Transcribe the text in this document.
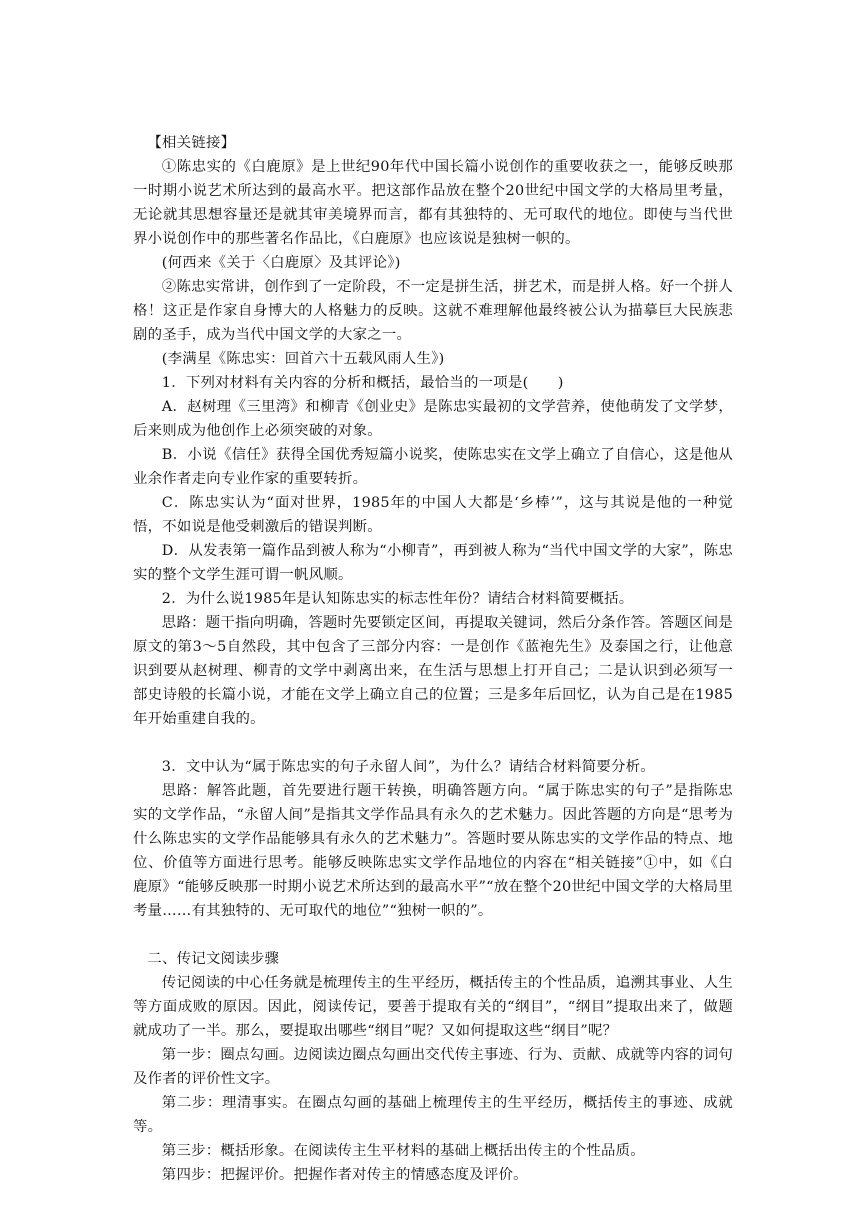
【相关链接】

①陈忠实的《白鹿原》是上世纪90年代中国长篇小说创作的重要收获之一，能够反映那一时期小说艺术所达到的最高水平。把这部作品放在整个20世纪中国文学的大格局里考量，无论就其思想容量还是就其审美境界而言，都有其独特的、无可取代的地位。即使与当代世界小说创作中的那些著名作品比，《白鹿原》也应该说是独树一帜的。

(何西来《关于〈白鹿原〉及其评论》)

②陈忠实常讲，创作到了一定阶段，不一定是拼生活，拼艺术，而是拼人格。好一个拼人格！这正是作家自身博大的人格魅力的反映。这就不难理解他最终被公认为描摹巨大民族悲剧的圣手，成为当代中国文学的大家之一。

(李满星《陈忠实：回首六十五载风雨人生》)

1．下列对材料有关内容的分析和概括，最恰当的一项是(　　)

A．赵树理《三里湾》和柳青《创业史》是陈忠实最初的文学营养，使他萌发了文学梦，后来则成为他创作上必须突破的对象。

B．小说《信任》获得全国优秀短篇小说奖，使陈忠实在文学上确立了自信心，这是他从业余作者走向专业作家的重要转折。

C．陈忠实认为“面对世界，1985年的中国人大都是‘乡棒’”，这与其说是他的一种觉悟，不如说是他受刺激后的错误判断。

D．从发表第一篇作品到被人称为“小柳青”，再到被人称为“当代中国文学的大家”，陈忠实的整个文学生涯可谓一帆风顺。

2．为什么说1985年是认知陈忠实的标志性年份？请结合材料简要概括。

思路：题干指向明确，答题时先要锁定区间，再提取关键词，然后分条作答。答题区间是原文的第3～5自然段，其中包含了三部分内容：一是创作《蓝袍先生》及泰国之行，让他意识到要从赵树理、柳青的文学中剥离出来，在生活与思想上打开自己；二是认识到必须写一部史诗般的长篇小说，才能在文学上确立自己的位置；三是多年后回忆，认为自己是在1985年开始重建自我的。

3．文中认为“属于陈忠实的句子永留人间”，为什么？请结合材料简要分析。

思路：解答此题，首先要进行题干转换，明确答题方向。“属于陈忠实的句子”是指陈忠实的文学作品，“永留人间”是指其文学作品具有永久的艺术魅力。因此答题的方向是“思考为什么陈忠实的文学作品能够具有永久的艺术魅力”。答题时要从陈忠实的文学作品的特点、地位、价值等方面进行思考。能够反映陈忠实文学作品地位的内容在“相关链接”①中，如《白鹿原》“能够反映那一时期小说艺术所达到的最高水平”“放在整个20世纪中国文学的大格局里考量……有其独特的、无可取代的地位”“独树一帜的”。

二、传记文阅读步骤

传记阅读的中心任务就是梳理传主的生平经历，概括传主的个性品质，追溯其事业、人生等方面成败的原因。因此，阅读传记，要善于提取有关的“纲目”，“纲目”提取出来了，做题就成功了一半。那么，要提取出哪些“纲目”呢？又如何提取这些“纲目”呢？

第一步：圈点勾画。边阅读边圈点勾画出交代传主事迹、行为、贡献、成就等内容的词句及作者的评价性文字。

第二步：理清事实。在圈点勾画的基础上梳理传主的生平经历，概括传主的事迹、成就等。

第三步：概括形象。在阅读传主生平材料的基础上概括出传主的个性品质。

第四步：把握评价。把握作者对传主的情感态度及评价。
